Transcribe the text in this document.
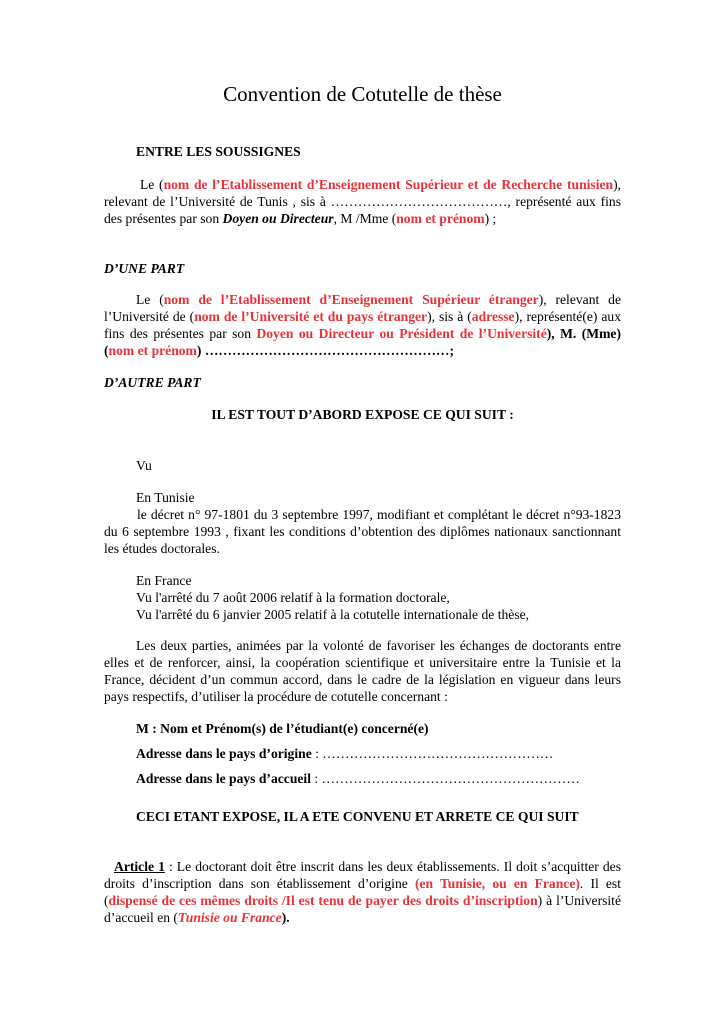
Convention de Cotutelle de thèse
ENTRE LES SOUSSIGNES
Le (nom de l’Etablissement d’Enseignement Supérieur et de Recherche tunisien), relevant de l’Université de Tunis , sis à …………………………………, représenté aux fins des présentes par son Doyen ou Directeur, M /Mme (nom et prénom) ;
D’UNE PART
Le (nom de l’Etablissement d’Enseignement Supérieur étranger), relevant de l’Université de (nom de l’Université et du pays étranger), sis à (adresse), représenté(e) aux fins des présentes par son Doyen ou Directeur ou Président de l’Université), M. (Mme) (nom et prénom) ………………………………………………;
D’AUTRE PART
IL EST TOUT D’ABORD EXPOSE CE QUI SUIT :
Vu
En Tunisie
le décret n° 97-1801 du 3 septembre 1997, modifiant et complétant le décret n°93-1823 du 6 septembre 1993 , fixant les conditions d’obtention des diplômes nationaux sanctionnant les études doctorales.
En France
Vu l'arrêté du 7 août 2006 relatif à la formation doctorale,
Vu l'arrêté du 6 janvier 2005 relatif à la cotutelle internationale de thèse,
Les deux parties, animées par la volonté de favoriser les échanges de doctorants entre elles et de renforcer, ainsi, la coopération scientifique et universitaire entre la Tunisie et la France, décident d’un commun accord, dans le cadre de la législation en vigueur dans leurs pays respectifs, d’utiliser la procédure de cotutelle concernant :
M : Nom et Prénom(s) de l’étudiant(e) concerné(e)
Adresse dans le pays d’origine : ……………………………………………
Adresse dans le pays d’accueil : …………………………………………………
CECI ETANT EXPOSE, IL A ETE CONVENU ET ARRETE CE QUI SUIT
Article 1 : Le doctorant doit être inscrit dans les deux établissements. Il doit s’acquitter des droits d’inscription dans son établissement d’origine (en Tunisie, ou en France). Il est (dispensé de ces mêmes droits /Il est tenu de payer des droits d’inscription) à l’Université d’accueil en (Tunisie ou France).
